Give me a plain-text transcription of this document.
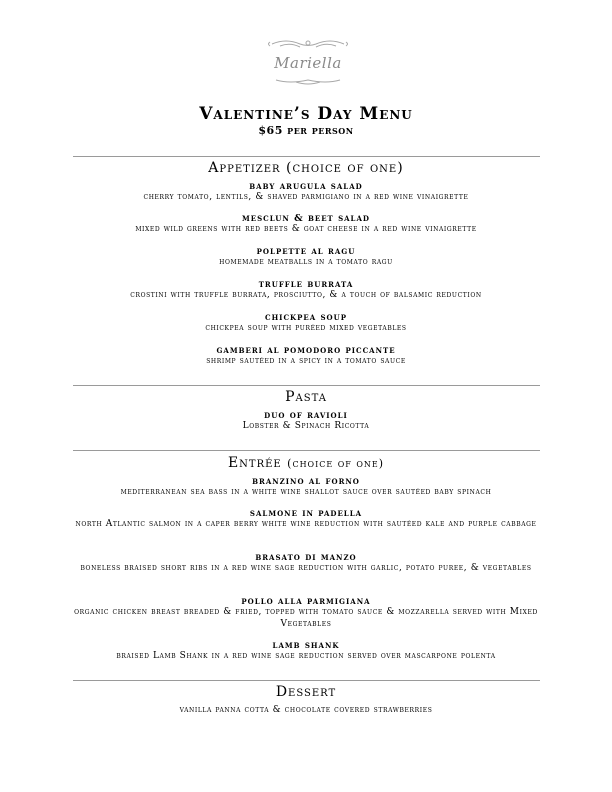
Mariella
Valentine’s Day Menu
$65 per person
Appetizer (choice of one)
baby arugula salad
cherry tomato, lentils, & shaved parmigiano in a red wine vinaigrette
mesclun & beet salad
mixed wild greens with red beets & goat cheese in a red wine vinaigrette
polpette al ragu
homemade meatballs in a tomato ragu
truffle burrata
crostini with truffle burrata, prosciutto, & a touch of balsamic reduction
chickpea soup
chickpea soup with puréed mixed vegetables
gamberi al pomodoro piccante
shrimp sautéed in a spicy in a tomato sauce
Pasta
duo of ravioli
Lobster & Spinach Ricotta
Entrée (choice of one)
branzino al forno
mediterranean sea bass in a white wine shallot sauce over sautéed baby spinach
salmone in padella
north Atlantic salmon in a caper berry white wine reduction with sautéed kale and purple cabbage
brasato di manzo
boneless braised short ribs in a red wine sage reduction with garlic, potato puree, & vegetables
pollo alla parmigiana
organic chicken breast breaded & fried, topped with tomato sauce & mozzarella served with Mixed Vegetables
lamb shank
braised Lamb Shank in a red wine sage reduction served over mascarpone polenta
Dessert
vanilla panna cotta & chocolate covered strawberries
